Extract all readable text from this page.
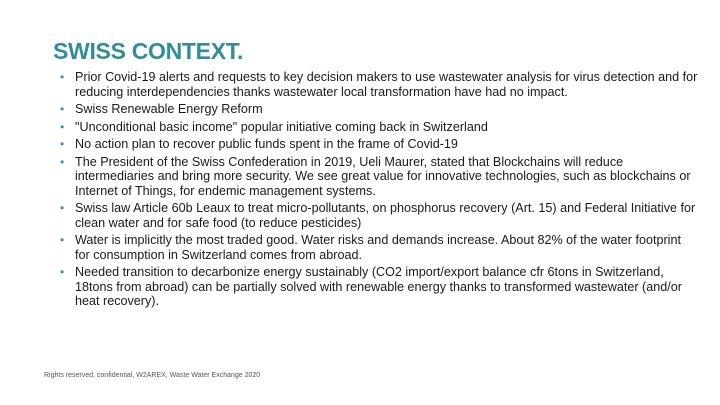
SWISS CONTEXT.
• Prior Covid-19 alerts and requests to key decision makers to use wastewater analysis for virus detection and for reducing interdependencies thanks wastewater local transformation have had no impact.
• Swiss Renewable Energy Reform
• "Unconditional basic income" popular initiative coming back in Switzerland
• No action plan to recover public funds spent in the frame of Covid-19
• The President of the Swiss Confederation in 2019, Ueli Maurer, stated that Blockchains will reduce intermediaries and bring more security. We see great value for innovative technologies, such as blockchains or Internet of Things, for endemic management systems.
• Swiss law Article 60b Leaux to treat micro-pollutants, on phosphorus recovery (Art. 15) and Federal Initiative for clean water and for safe food (to reduce pesticides)
• Water is implicitly the most traded good. Water risks and demands increase. About 82% of the water footprint for consumption in Switzerland comes from abroad.
• Needed transition to decarbonize energy sustainably (CO2 import/export balance cfr 6tons in Switzerland, 18tons from abroad) can be partially solved with renewable energy thanks to transformed wastewater (and/or heat recovery).
Rights reserved, confidential, W2AREX, Waste Water Exchange 2020
